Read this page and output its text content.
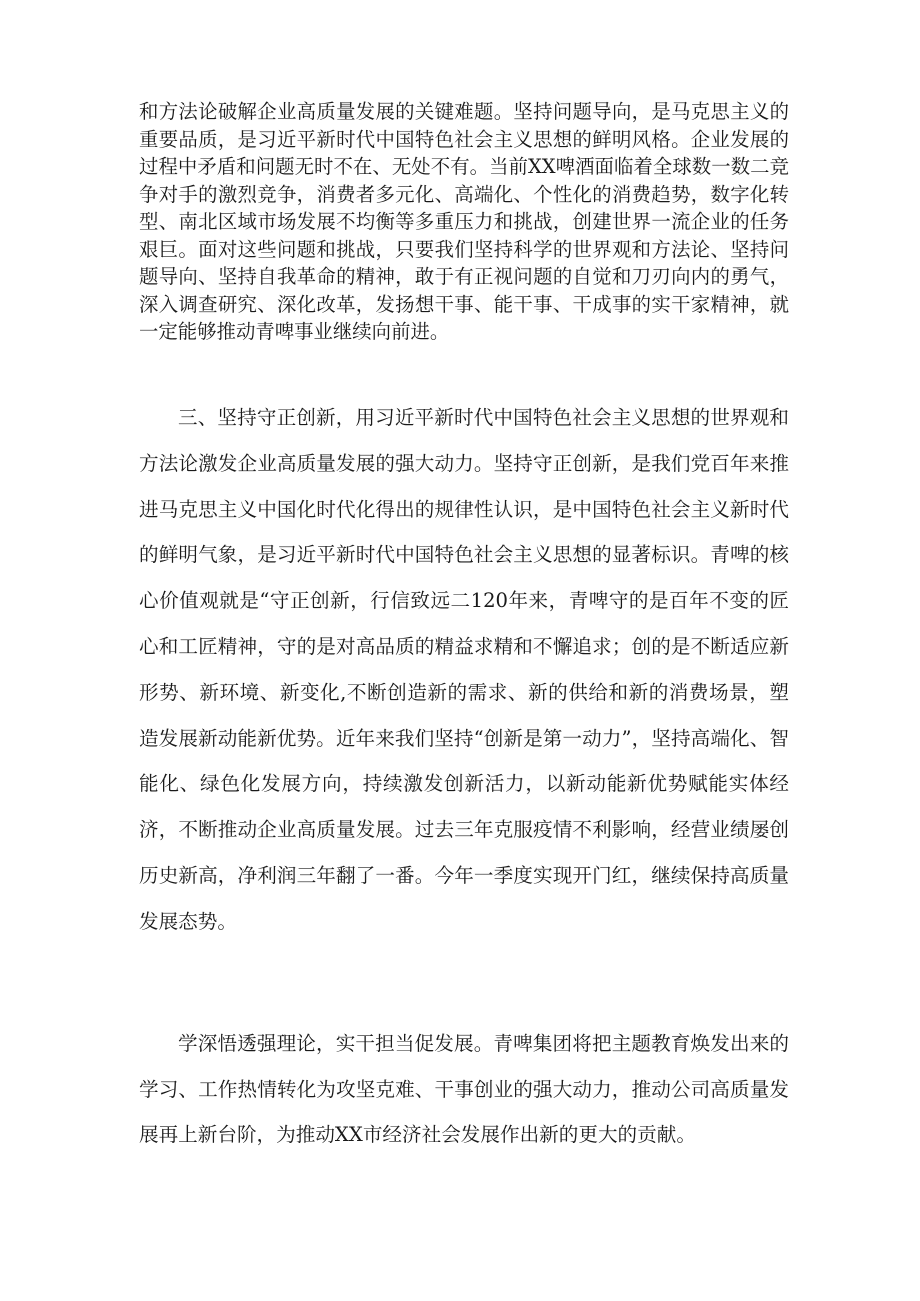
和方法论破解企业高质量发展的关键难题。坚持问题导向，是马克思主义的重要品质，是习近平新时代中国特色社会主义思想的鲜明风格。企业发展的过程中矛盾和问题无时不在、无处不有。当前XX啤酒面临着全球数一数二竞争对手的激烈竞争，消费者多元化、高端化、个性化的消费趋势，数字化转型、南北区域市场发展不均衡等多重压力和挑战，创建世界一流企业的任务艰巨。面对这些问题和挑战，只要我们坚持科学的世界观和方法论、坚持问题导向、坚持自我革命的精神，敢于有正视问题的自觉和刀刃向内的勇气，深入调查研究、深化改革，发扬想干事、能干事、干成事的实干家精神，就一定能够推动青啤事业继续向前进。

三、坚持守正创新，用习近平新时代中国特色社会主义思想的世界观和方法论激发企业高质量发展的强大动力。坚持守正创新，是我们党百年来推进马克思主义中国化时代化得出的规律性认识，是中国特色社会主义新时代的鲜明气象，是习近平新时代中国特色社会主义思想的显著标识。青啤的核心价值观就是“守正创新，行信致远二120年来，青啤守的是百年不变的匠心和工匠精神，守的是对高品质的精益求精和不懈追求；创的是不断适应新形势、新环境、新变化,不断创造新的需求、新的供给和新的消费场景，塑造发展新动能新优势。近年来我们坚持“创新是第一动力”，坚持高端化、智能化、绿色化发展方向，持续激发创新活力，以新动能新优势赋能实体经济，不断推动企业高质量发展。过去三年克服疫情不利影响，经营业绩屡创历史新高，净利润三年翻了一番。今年一季度实现开门红，继续保持高质量发展态势。

学深悟透强理论，实干担当促发展。青啤集团将把主题教育焕发出来的学习、工作热情转化为攻坚克难、干事创业的强大动力，推动公司高质量发展再上新台阶，为推动XX市经济社会发展作出新的更大的贡献。
